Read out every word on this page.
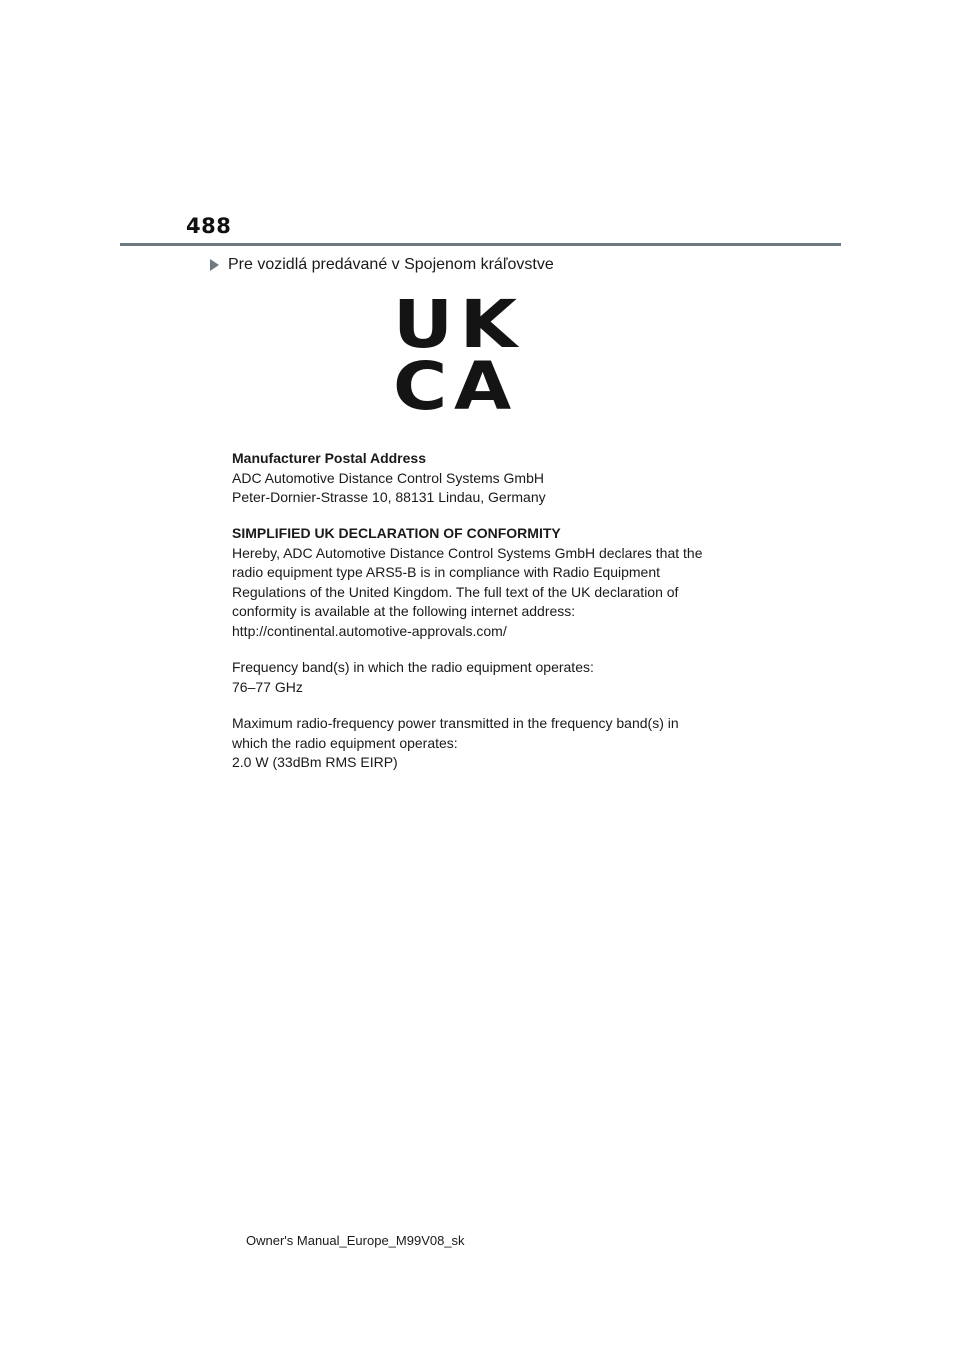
488
Pre vozidlá predávané v Spojenom kráľovstve
UK
CA
Manufacturer Postal Address
ADC Automotive Distance Control Systems GmbH
Peter-Dornier-Strasse 10, 88131 Lindau, Germany
SIMPLIFIED UK DECLARATION OF CONFORMITY
Hereby, ADC Automotive Distance Control Systems GmbH declares that the
radio equipment type ARS5-B is in compliance with Radio Equipment
Regulations of the United Kingdom. The full text of the UK declaration of
conformity is available at the following internet address:
http://continental.automotive-approvals.com/
Frequency band(s) in which the radio equipment operates:
76–77 GHz
Maximum radio-frequency power transmitted in the frequency band(s) in
which the radio equipment operates:
2.0 W (33dBm RMS EIRP)
Owner's Manual_Europe_M99V08_sk
